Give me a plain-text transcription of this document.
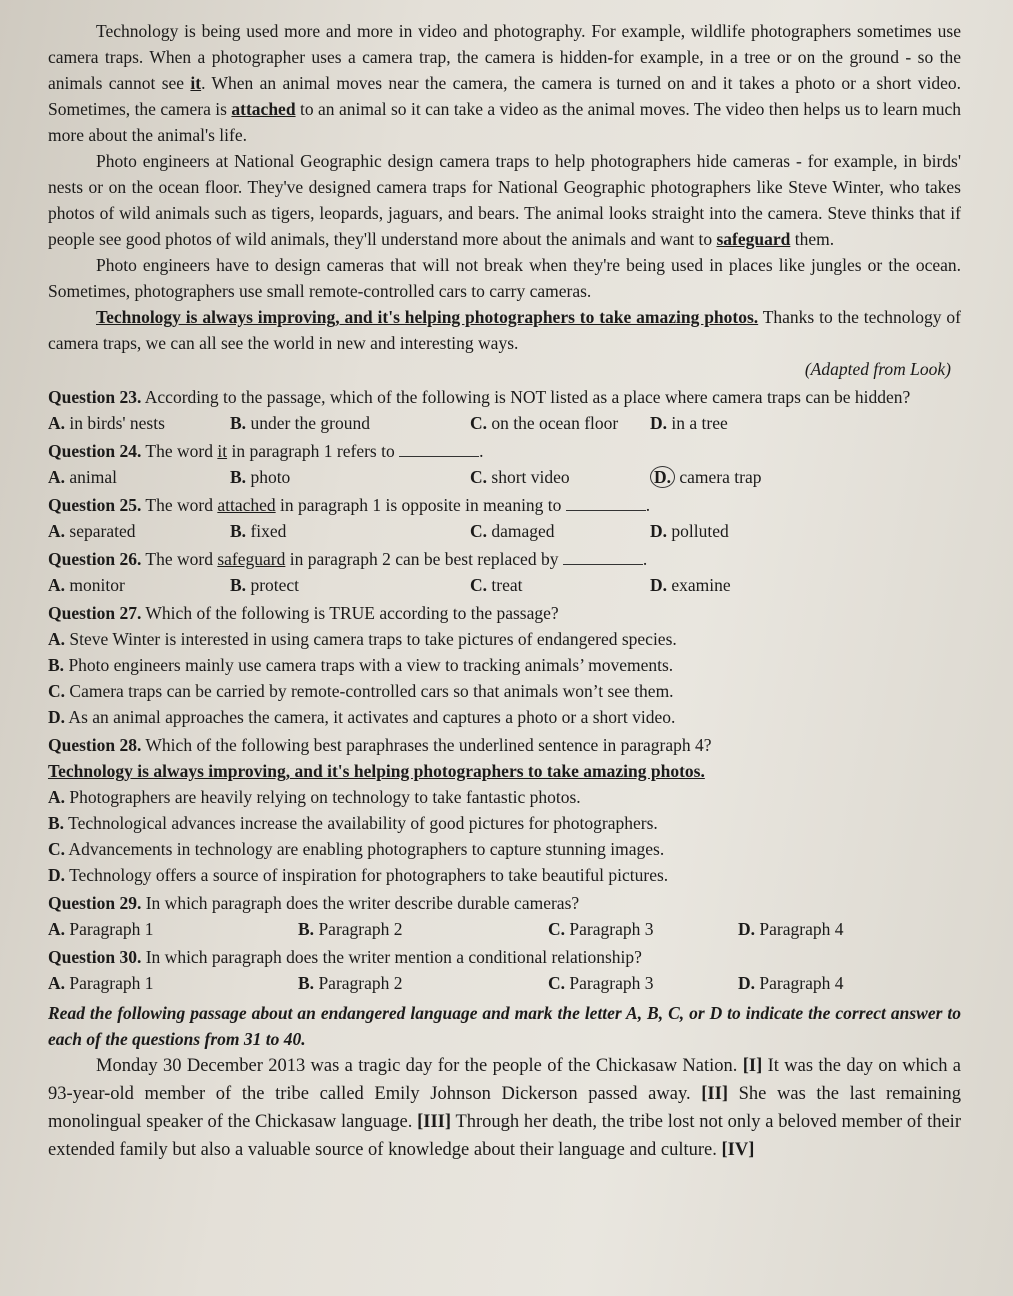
Technology is being used more and more in video and photography. For example, wildlife photographers sometimes use camera traps. When a photographer uses a camera trap, the camera is hidden-for example, in a tree or on the ground - so the animals cannot see it. When an animal moves near the camera, the camera is turned on and it takes a photo or a short video. Sometimes, the camera is attached to an animal so it can take a video as the animal moves. The video then helps us to learn much more about the animal's life.

Photo engineers at National Geographic design camera traps to help photographers hide cameras - for example, in birds' nests or on the ocean floor. They've designed camera traps for National Geographic photographers like Steve Winter, who takes photos of wild animals such as tigers, leopards, jaguars, and bears. The animal looks straight into the camera. Steve thinks that if people see good photos of wild animals, they'll understand more about the animals and want to safeguard them.

Photo engineers have to design cameras that will not break when they're being used in places like jungles or the ocean. Sometimes, photographers use small remote-controlled cars to carry cameras.

Technology is always improving, and it's helping photographers to take amazing photos. Thanks to the technology of camera traps, we can all see the world in new and interesting ways.

(Adapted from Look)

Question 23. According to the passage, which of the following is NOT listed as a place where camera traps can be hidden?

A. in birds' nests	B. under the ground	C. on the ocean floor	D. in a tree

Question 24. The word it in paragraph 1 refers to	.

A. animal	B. photo	C. short video	D. camera trap

Question 25. The word attached in paragraph 1 is opposite in meaning to	.

A. separated	B. fixed	C. damaged	D. polluted

Question 26. The word safeguard in paragraph 2 can be best replaced by	.

A. monitor	B. protect	C. treat	D. examine

Question 27. Which of the following is TRUE according to the passage?

A. Steve Winter is interested in using camera traps to take pictures of endangered species.
B. Photo engineers mainly use camera traps with a view to tracking animals’ movements.
C. Camera traps can be carried by remote-controlled cars so that animals won’t see them.
D. As an animal approaches the camera, it activates and captures a photo or a short video.

Question 28. Which of the following best paraphrases the underlined sentence in paragraph 4?

Technology is always improving, and it's helping photographers to take amazing photos.

A. Photographers are heavily relying on technology to take fantastic photos.
B. Technological advances increase the availability of good pictures for photographers.
C. Advancements in technology are enabling photographers to capture stunning images.
D. Technology offers a source of inspiration for photographers to take beautiful pictures.

Question 29. In which paragraph does the writer describe durable cameras?

A. Paragraph 1	B. Paragraph 2	C. Paragraph 3	D. Paragraph 4

Question 30. In which paragraph does the writer mention a conditional relationship?

A. Paragraph 1	B. Paragraph 2	C. Paragraph 3	D. Paragraph 4

Read the following passage about an endangered language and mark the letter A, B, C, or D to indicate the correct answer to each of the questions from 31 to 40.

Monday 30 December 2013 was a tragic day for the people of the Chickasaw Nation. [I] It was the day on which a 93-year-old member of the tribe called Emily Johnson Dickerson passed away. [II] She was the last remaining monolingual speaker of the Chickasaw language. [III] Through her death, the tribe lost not only a beloved member of their extended family but also a valuable source of knowledge about their language and culture. [IV]
